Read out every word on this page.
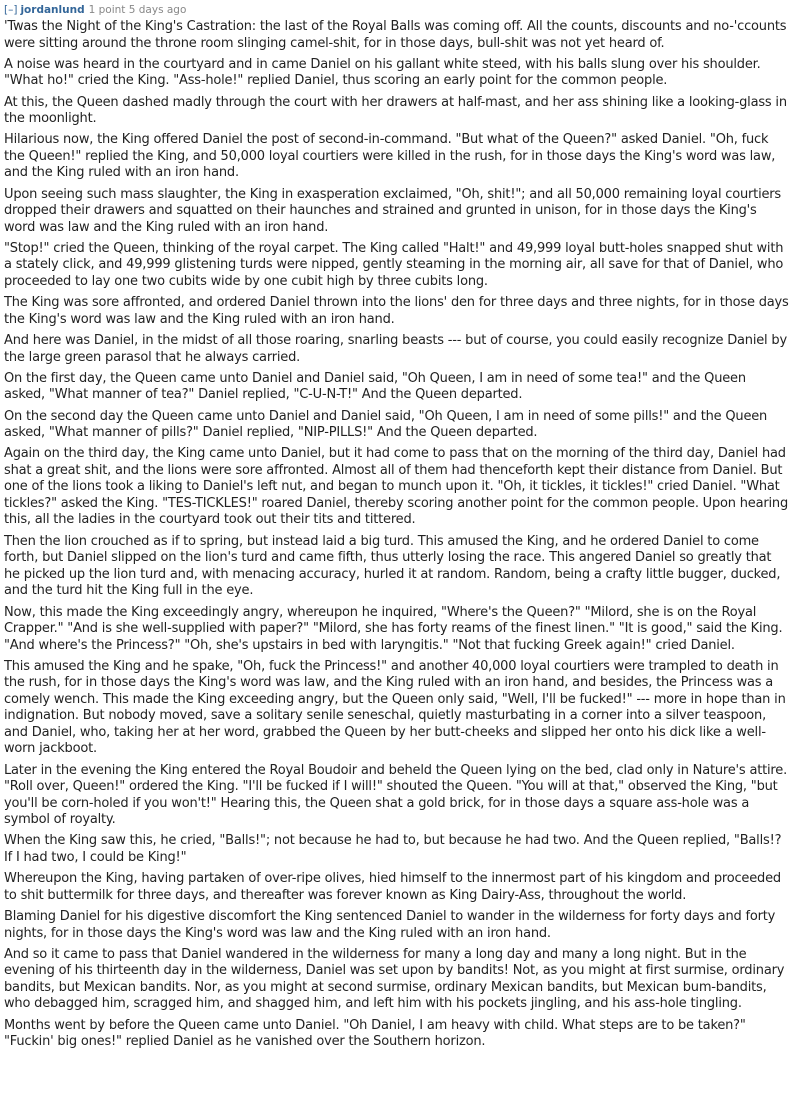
[–] jordanlund 1 point 5 days ago

'Twas the Night of the King's Castration: the last of the Royal Balls was coming off. All the counts, discounts and no-'ccounts were sitting around the throne room slinging camel-shit, for in those days, bull-shit was not yet heard of.

A noise was heard in the courtyard and in came Daniel on his gallant white steed, with his balls slung over his shoulder. "What ho!" cried the King. "Ass-hole!" replied Daniel, thus scoring an early point for the common people.

At this, the Queen dashed madly through the court with her drawers at half-mast, and her ass shining like a looking-glass in the moonlight.

Hilarious now, the King offered Daniel the post of second-in-command. "But what of the Queen?" asked Daniel. "Oh, fuck the Queen!" replied the King, and 50,000 loyal courtiers were killed in the rush, for in those days the King's word was law, and the King ruled with an iron hand.

Upon seeing such mass slaughter, the King in exasperation exclaimed, "Oh, shit!"; and all 50,000 remaining loyal courtiers dropped their drawers and squatted on their haunches and strained and grunted in unison, for in those days the King's word was law and the King ruled with an iron hand.

"Stop!" cried the Queen, thinking of the royal carpet. The King called "Halt!" and 49,999 loyal butt-holes snapped shut with a stately click, and 49,999 glistening turds were nipped, gently steaming in the morning air, all save for that of Daniel, who proceeded to lay one two cubits wide by one cubit high by three cubits long.

The King was sore affronted, and ordered Daniel thrown into the lions' den for three days and three nights, for in those days the King's word was law and the King ruled with an iron hand.

And here was Daniel, in the midst of all those roaring, snarling beasts --- but of course, you could easily recognize Daniel by the large green parasol that he always carried.

On the first day, the Queen came unto Daniel and Daniel said, "Oh Queen, I am in need of some tea!" and the Queen asked, "What manner of tea?" Daniel replied, "C-U-N-T!" And the Queen departed.

On the second day the Queen came unto Daniel and Daniel said, "Oh Queen, I am in need of some pills!" and the Queen asked, "What manner of pills?" Daniel replied, "NIP-PILLS!" And the Queen departed.

Again on the third day, the King came unto Daniel, but it had come to pass that on the morning of the third day, Daniel had shat a great shit, and the lions were sore affronted. Almost all of them had thenceforth kept their distance from Daniel. But one of the lions took a liking to Daniel's left nut, and began to munch upon it. "Oh, it tickles, it tickles!" cried Daniel. "What tickles?" asked the King. "TES-TICKLES!" roared Daniel, thereby scoring another point for the common people. Upon hearing this, all the ladies in the courtyard took out their tits and tittered.

Then the lion crouched as if to spring, but instead laid a big turd. This amused the King, and he ordered Daniel to come forth, but Daniel slipped on the lion's turd and came fifth, thus utterly losing the race. This angered Daniel so greatly that he picked up the lion turd and, with menacing accuracy, hurled it at random. Random, being a crafty little bugger, ducked, and the turd hit the King full in the eye.

Now, this made the King exceedingly angry, whereupon he inquired, "Where's the Queen?" "Milord, she is on the Royal Crapper." "And is she well-supplied with paper?" "Milord, she has forty reams of the finest linen." "It is good," said the King. "And where's the Princess?" "Oh, she's upstairs in bed with laryngitis." "Not that fucking Greek again!" cried Daniel.

This amused the King and he spake, "Oh, fuck the Princess!" and another 40,000 loyal courtiers were trampled to death in the rush, for in those days the King's word was law, and the King ruled with an iron hand, and besides, the Princess was a comely wench. This made the King exceeding angry, but the Queen only said, "Well, I'll be fucked!" --- more in hope than in indignation. But nobody moved, save a solitary senile seneschal, quietly masturbating in a corner into a silver teaspoon, and Daniel, who, taking her at her word, grabbed the Queen by her butt-cheeks and slipped her onto his dick like a well-worn jackboot.

Later in the evening the King entered the Royal Boudoir and beheld the Queen lying on the bed, clad only in Nature's attire. "Roll over, Queen!" ordered the King. "I'll be fucked if I will!" shouted the Queen. "You will at that," observed the King, "but you'll be corn-holed if you won't!" Hearing this, the Queen shat a gold brick, for in those days a square ass-hole was a symbol of royalty.

When the King saw this, he cried, "Balls!"; not because he had to, but because he had two. And the Queen replied, "Balls!? If I had two, I could be King!"

Whereupon the King, having partaken of over-ripe olives, hied himself to the innermost part of his kingdom and proceeded to shit buttermilk for three days, and thereafter was forever known as King Dairy-Ass, throughout the world.

Blaming Daniel for his digestive discomfort the King sentenced Daniel to wander in the wilderness for forty days and forty nights, for in those days the King's word was law and the King ruled with an iron hand.

And so it came to pass that Daniel wandered in the wilderness for many a long day and many a long night. But in the evening of his thirteenth day in the wilderness, Daniel was set upon by bandits! Not, as you might at first surmise, ordinary bandits, but Mexican bandits. Nor, as you might at second surmise, ordinary Mexican bandits, but Mexican bum-bandits, who debagged him, scragged him, and shagged him, and left him with his pockets jingling, and his ass-hole tingling.

Months went by before the Queen came unto Daniel. "Oh Daniel, I am heavy with child. What steps are to be taken?" "Fuckin' big ones!" replied Daniel as he vanished over the Southern horizon.
